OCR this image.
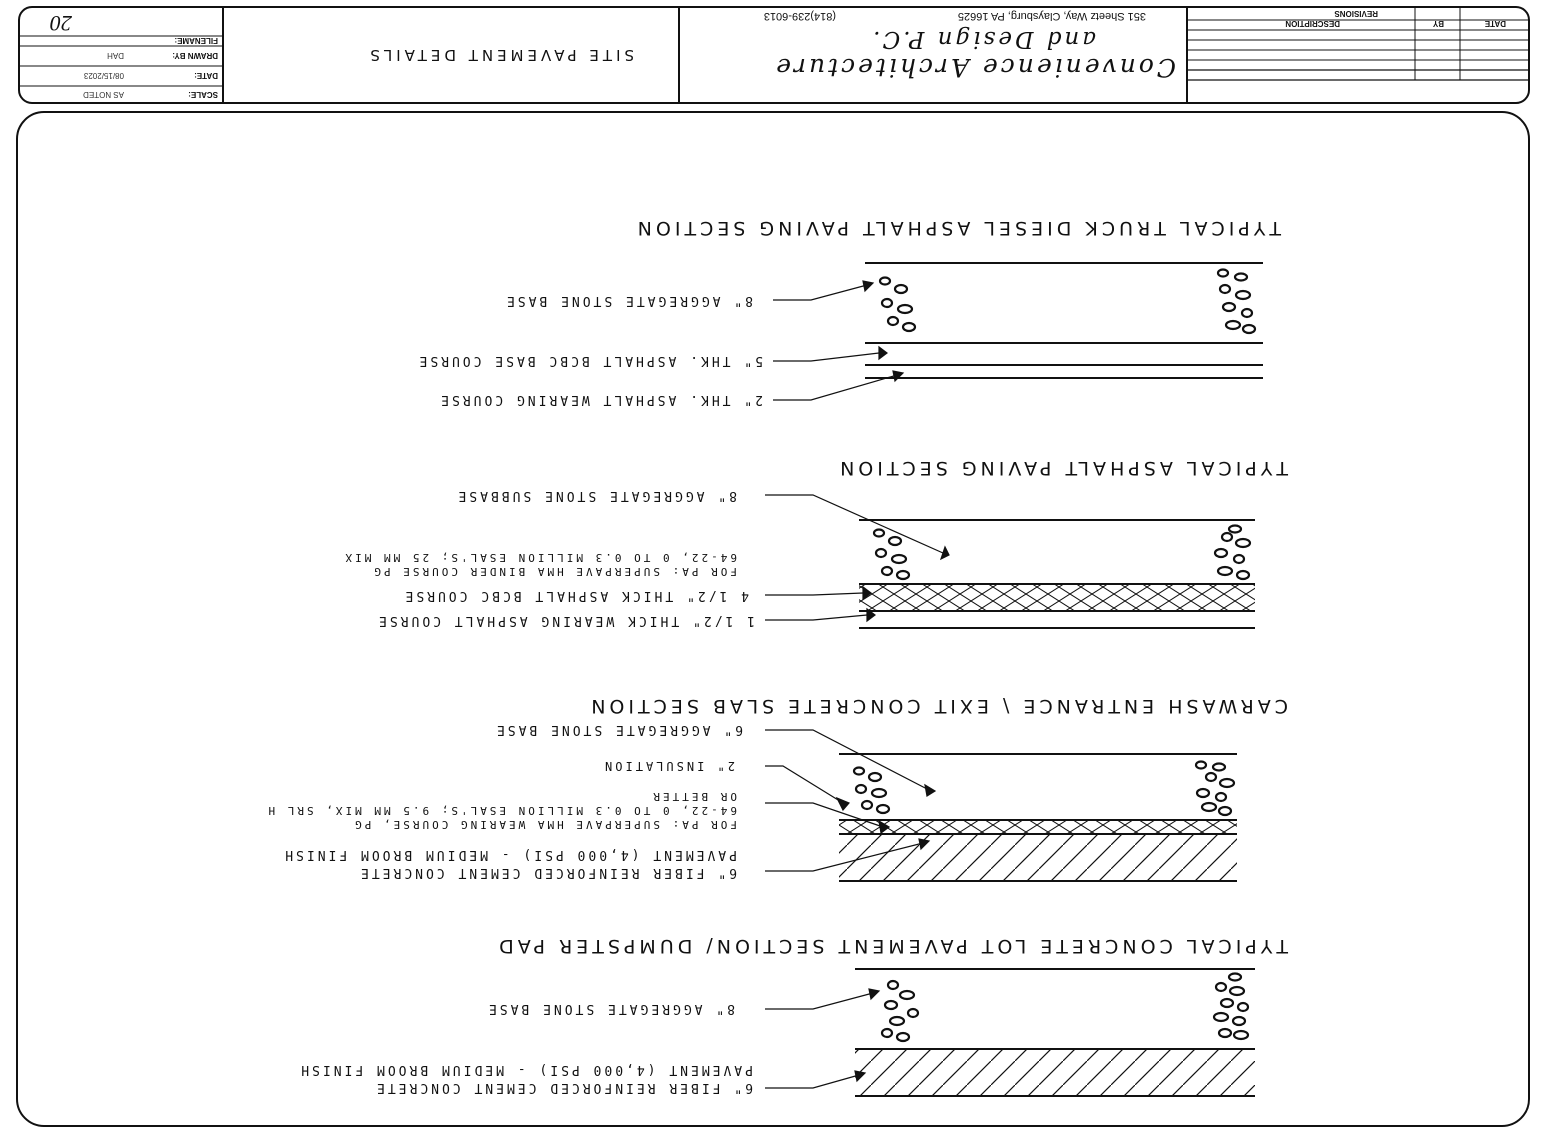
REVISIONS
DATE
BY
DESCRIPTION
Convenience Architecture
and Design P.C.
351 Sheetz Way, Claysburg, PA 16625
(814)239-6013
SITE PAVEMENT DETAILS
SCALE:
AS NOTED
DATE:
08/15/2023
DRAWN BY:
DAH
FILENAME:
20
TYPICAL CONCRETE LOT PAVEMENT SECTION/ DUMPSTER PAD
6" FIBER REINFORCED CEMENT CONCRETE
PAVEMENT (4,000 PSI) - MEDIUM BROOM FINISH
8" AGGREGATE STONE BASE
CARWASH ENTRANCE \ EXIT CONCRETE SLAB SECTION
6" FIBER REINFORCED CEMENT CONCRETE
PAVEMENT (4,000 PSI) - MEDIUM BROOM FINISH
FOR PA: SUPERPAVE HMA WEARING COURSE, PG
64-22, 0 TO 0.3 MILLION ESAL'S; 9.5 MM MIX, SRL H
OR BETTER
2" INSULATION
6" AGGREGATE STONE BASE
TYPICAL ASPHALT PAVING SECTION
1 1/2" THICK WEARING ASPHALT COURSE
4 1/2" THICK ASPHALT BCBC COURSE
FOR PA: SUPERPAVE HMA BINDER COURSE PG
64-22, 0 TO 0.3 MILLION ESAL'S; 25 MM MIX
8" AGGREGATE STONE SUBBASE
TYPICAL TRUCK DIESEL ASPHALT PAVING SECTION
2" THK. ASPHALT WEARING COURSE
5" THK. ASPHALT BCBC BASE COURSE
8" AGGREGATE STONE BASE
